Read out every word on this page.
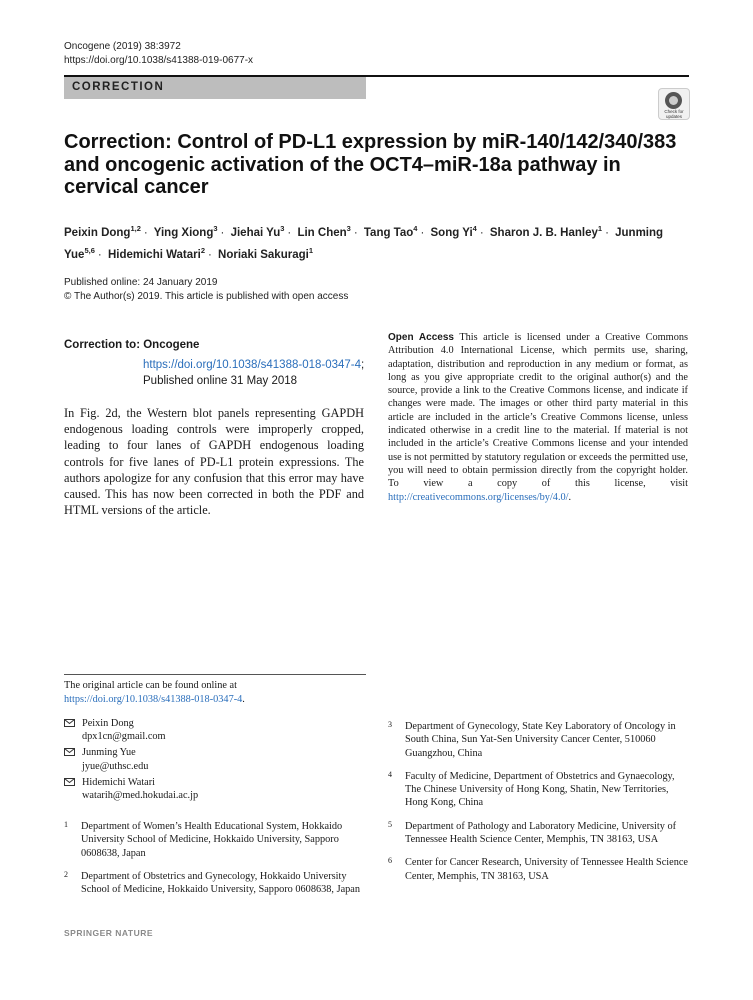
Oncogene (2019) 38:3972
https://doi.org/10.1038/s41388-019-0677-x
CORRECTION
Check for updates
Correction: Control of PD-L1 expression by miR-140/142/340/383 and oncogenic activation of the OCT4–miR-18a pathway in cervical cancer
Peixin Dong$^{1,2}$ · Ying Xiong$^3$ · Jiehai $Yu^3$ · Lin Chen$^3$ · Tang Tao$^4$ · Song $Yi^4$ · Sharon J. B. Hanley$^1$ · Junming Yue$^{5,6}$ · Hidemichi Watari$^2$ · Noriaki Sakuragi$^1$
Published online: 24 January 2019
© The Author(s) 2019. This article is published with open access
Correction to: Oncogene
https://doi.org/10.1038/s41388-018-0347-4;
Published online 31 May 2018
In Fig. 2d, the Western blot panels representing GAPDH endogenous loading controls were improperly cropped, leading to four lanes of GAPDH endogenous loading controls for five lanes of PD-L1 protein expressions. The authors apologize for any confusion that this error may have caused. This has now been corrected in both the PDF and HTML versions of the article.
Open Access This article is licensed under a Creative Commons Attribution 4.0 International License, which permits use, sharing, adaptation, distribution and reproduction in any medium or format, as long as you give appropriate credit to the original author(s) and the source, provide a link to the Creative Commons license, and indicate if changes were made. The images or other third party material in this article are included in the article’s Creative Commons license, unless indicated otherwise in a credit line to the material. If material is not included in the article’s Creative Commons license and your intended use is not permitted by statutory regulation or exceeds the permitted use, you will need to obtain permission directly from the copyright holder. To view a copy of this license, visit http://creativecommons.org/licenses/by/4.0/.
The original article can be found online at https://doi.org/10.1038/s41388-018-0347-4.
Peixin Dong
dpx1cn@gmail.com
Junming Yue
jyue@uthsc.edu
Hidemichi Watari
watarih@med.hokudai.ac.jp
1	Department of Women’s Health Educational System, Hokkaido University School of Medicine, Hokkaido University, Sapporo 0608638, Japan
2	Department of Obstetrics and Gynecology, Hokkaido University School of Medicine, Hokkaido University, Sapporo 0608638, Japan
3	Department of Gynecology, State Key Laboratory of Oncology in South China, Sun Yat-Sen University Cancer Center, 510060 Guangzhou, China
4	Faculty of Medicine, Department of Obstetrics and Gynaecology, The Chinese University of Hong Kong, Shatin, New Territories, Hong Kong, China
5	Department of Pathology and Laboratory Medicine, University of Tennessee Health Science Center, Memphis, TN 38163, USA
6	Center for Cancer Research, University of Tennessee Health Science Center, Memphis, TN 38163, USA
SPRINGER NATURE
